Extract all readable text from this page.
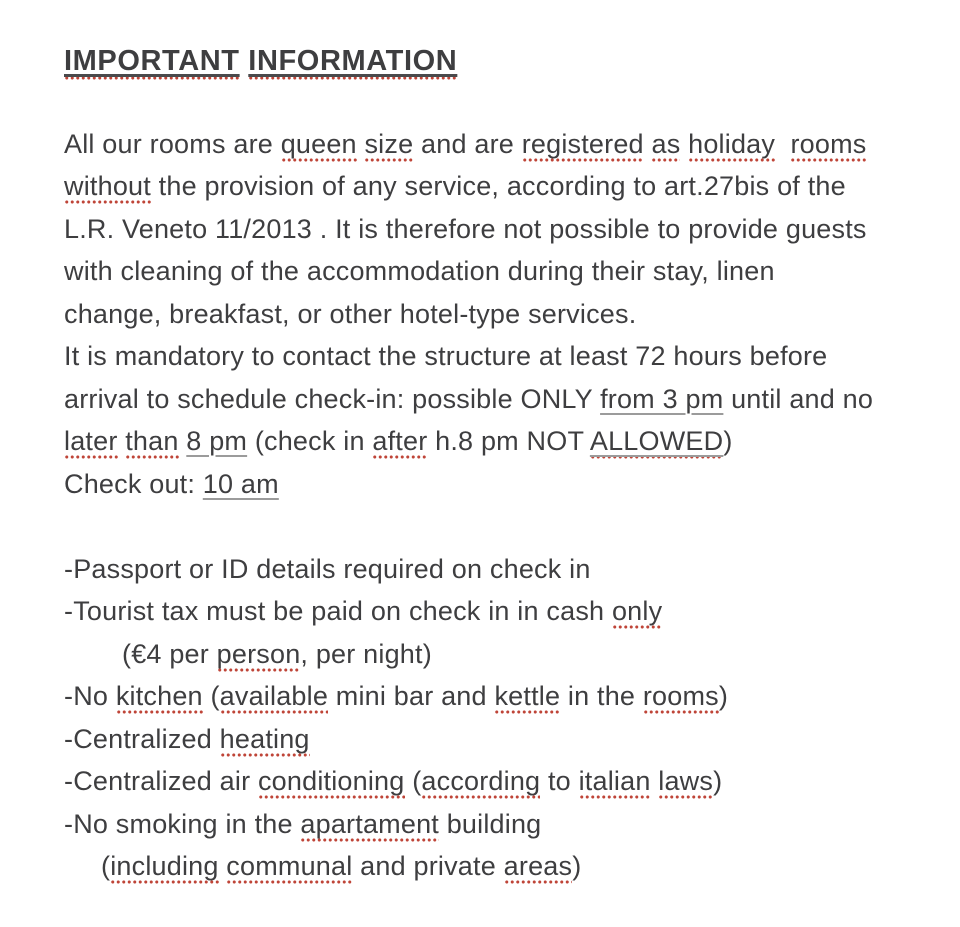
IMPORTANT INFORMATION
All our rooms are queen size and are registered as holiday rooms
without the provision of any service, according to art.27bis of the
L.R. Veneto 11/2013 . It is therefore not possible to provide guests
with cleaning of the accommodation during their stay, linen
change, breakfast, or other hotel-type services.
It is mandatory to contact the structure at least 72 hours before
arrival to schedule check-in: possible ONLY from 3 pm until and no
later than 8 pm (check in after h.8 pm NOT ALLOWED)
Check out: 10 am

-Passport or ID details required on check in
-Tourist tax must be paid on check in in cash only
(€4 per person, per night)
-No kitchen (available mini bar and kettle in the rooms)
-Centralized heating
-Centralized air conditioning (according to italian laws)
-No smoking in the apartament building
(including communal and private areas)
